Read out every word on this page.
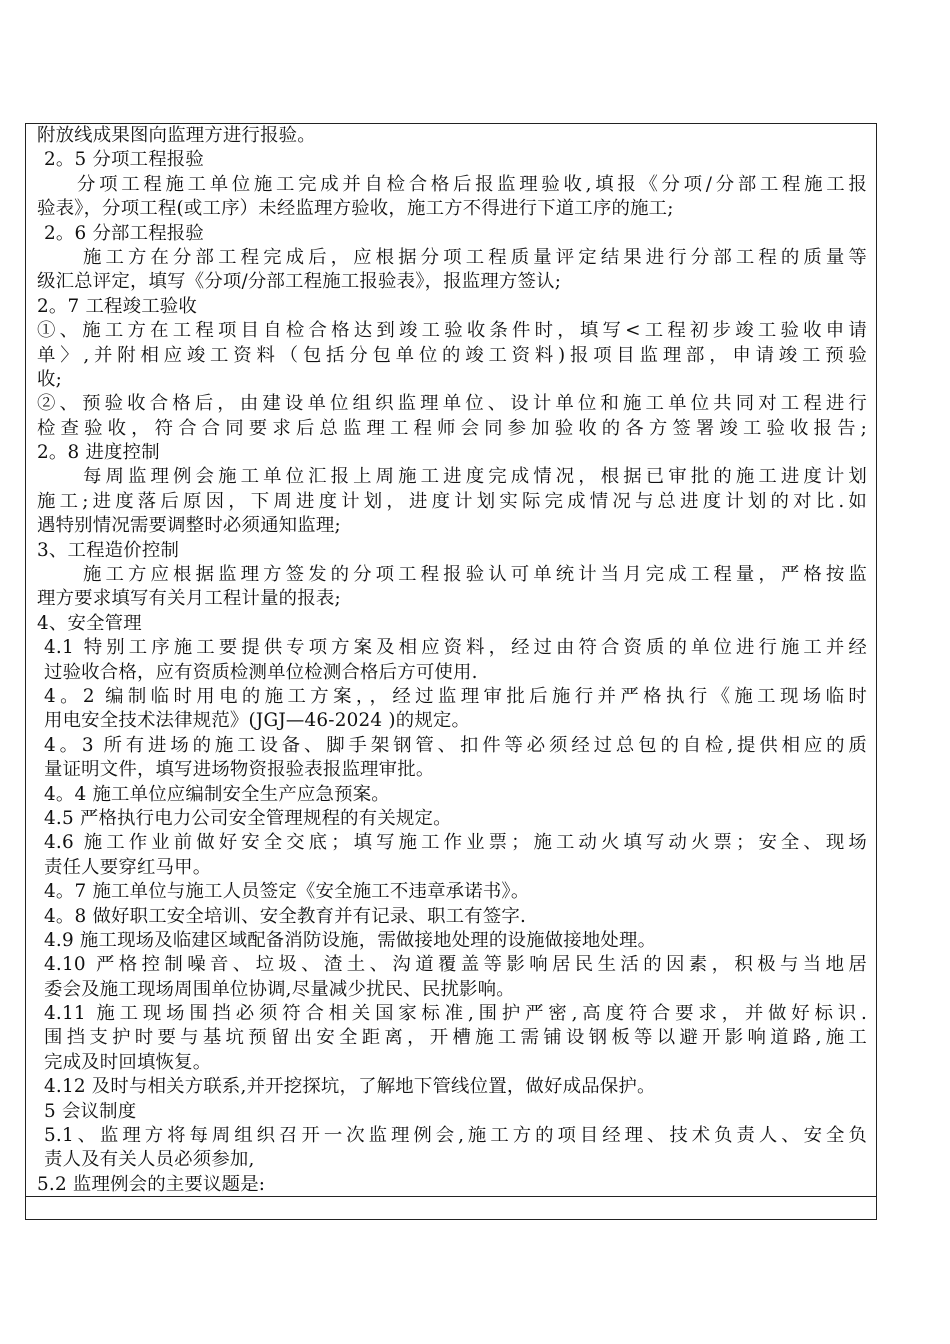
附放线成果图向监理方进行报验。
2。5 分项工程报验
分项工程施工单位施工完成并自检合格后报监理验收,填报《分项/分部工程施工报
验表》，分项工程(或工序）未经监理方验收，施工方不得进行下道工序的施工;
2。6 分部工程报验
施工方在分部工程完成后，应根据分项工程质量评定结果进行分部工程的质量等
级汇总评定，填写《分项/分部工程施工报验表》，报监理方签认;
2。7 工程竣工验收
①、施工方在工程项目自检合格达到竣工验收条件时，填写<工程初步竣工验收申请
单〉,并附相应竣工资料（包括分包单位的竣工资料)报项目监理部，申请竣工预验
收;
②、预验收合格后，由建设单位组织监理单位、设计单位和施工单位共同对工程进行
检查验收，符合合同要求后总监理工程师会同参加验收的各方签署竣工验收报告;
2。8 进度控制
每周监理例会施工单位汇报上周施工进度完成情况，根据已审批的施工进度计划
施工;进度落后原因，下周进度计划，进度计划实际完成情况与总进度计划的对比.如
遇特别情况需要调整时必须通知监理;
3、工程造价控制
施工方应根据监理方签发的分项工程报验认可单统计当月完成工程量，严格按监
理方要求填写有关月工程计量的报表;
4、安全管理
4.1 特别工序施工要提供专项方案及相应资料，经过由符合资质的单位进行施工并经
过验收合格，应有资质检测单位检测合格后方可使用.
4。2 编制临时用电的施工方案，，经过监理审批后施行并严格执行《施工现场临时
用电安全技术法律规范》(JGJ—46-2024 )的规定。
4。3 所有进场的施工设备、脚手架钢管、扣件等必须经过总包的自检,提供相应的质
量证明文件，填写进场物资报验表报监理审批。
4。4 施工单位应编制安全生产应急预案。
4.5 严格执行电力公司安全管理规程的有关规定。
4.6 施工作业前做好安全交底；填写施工作业票；施工动火填写动火票；安全、现场
责任人要穿红马甲。
4。7 施工单位与施工人员签定《安全施工不违章承诺书》。
4。8 做好职工安全培训、安全教育并有记录、职工有签字.
4.9 施工现场及临建区域配备消防设施，需做接地处理的设施做接地处理。
4.10 严格控制噪音、垃圾、渣土、沟道覆盖等影响居民生活的因素，积极与当地居
委会及施工现场周围单位协调,尽量减少扰民、民扰影响。
4.11 施工现场围挡必须符合相关国家标准,围护严密,高度符合要求，并做好标识.
围挡支护时要与基坑预留出安全距离，开槽施工需铺设钢板等以避开影响道路,施工
完成及时回填恢复。
4.12 及时与相关方联系,并开挖探坑，了解地下管线位置，做好成品保护。
5 会议制度
5.1、监理方将每周组织召开一次监理例会,施工方的项目经理、技术负责人、安全负
责人及有关人员必须参加,
5.2 监理例会的主要议题是:
